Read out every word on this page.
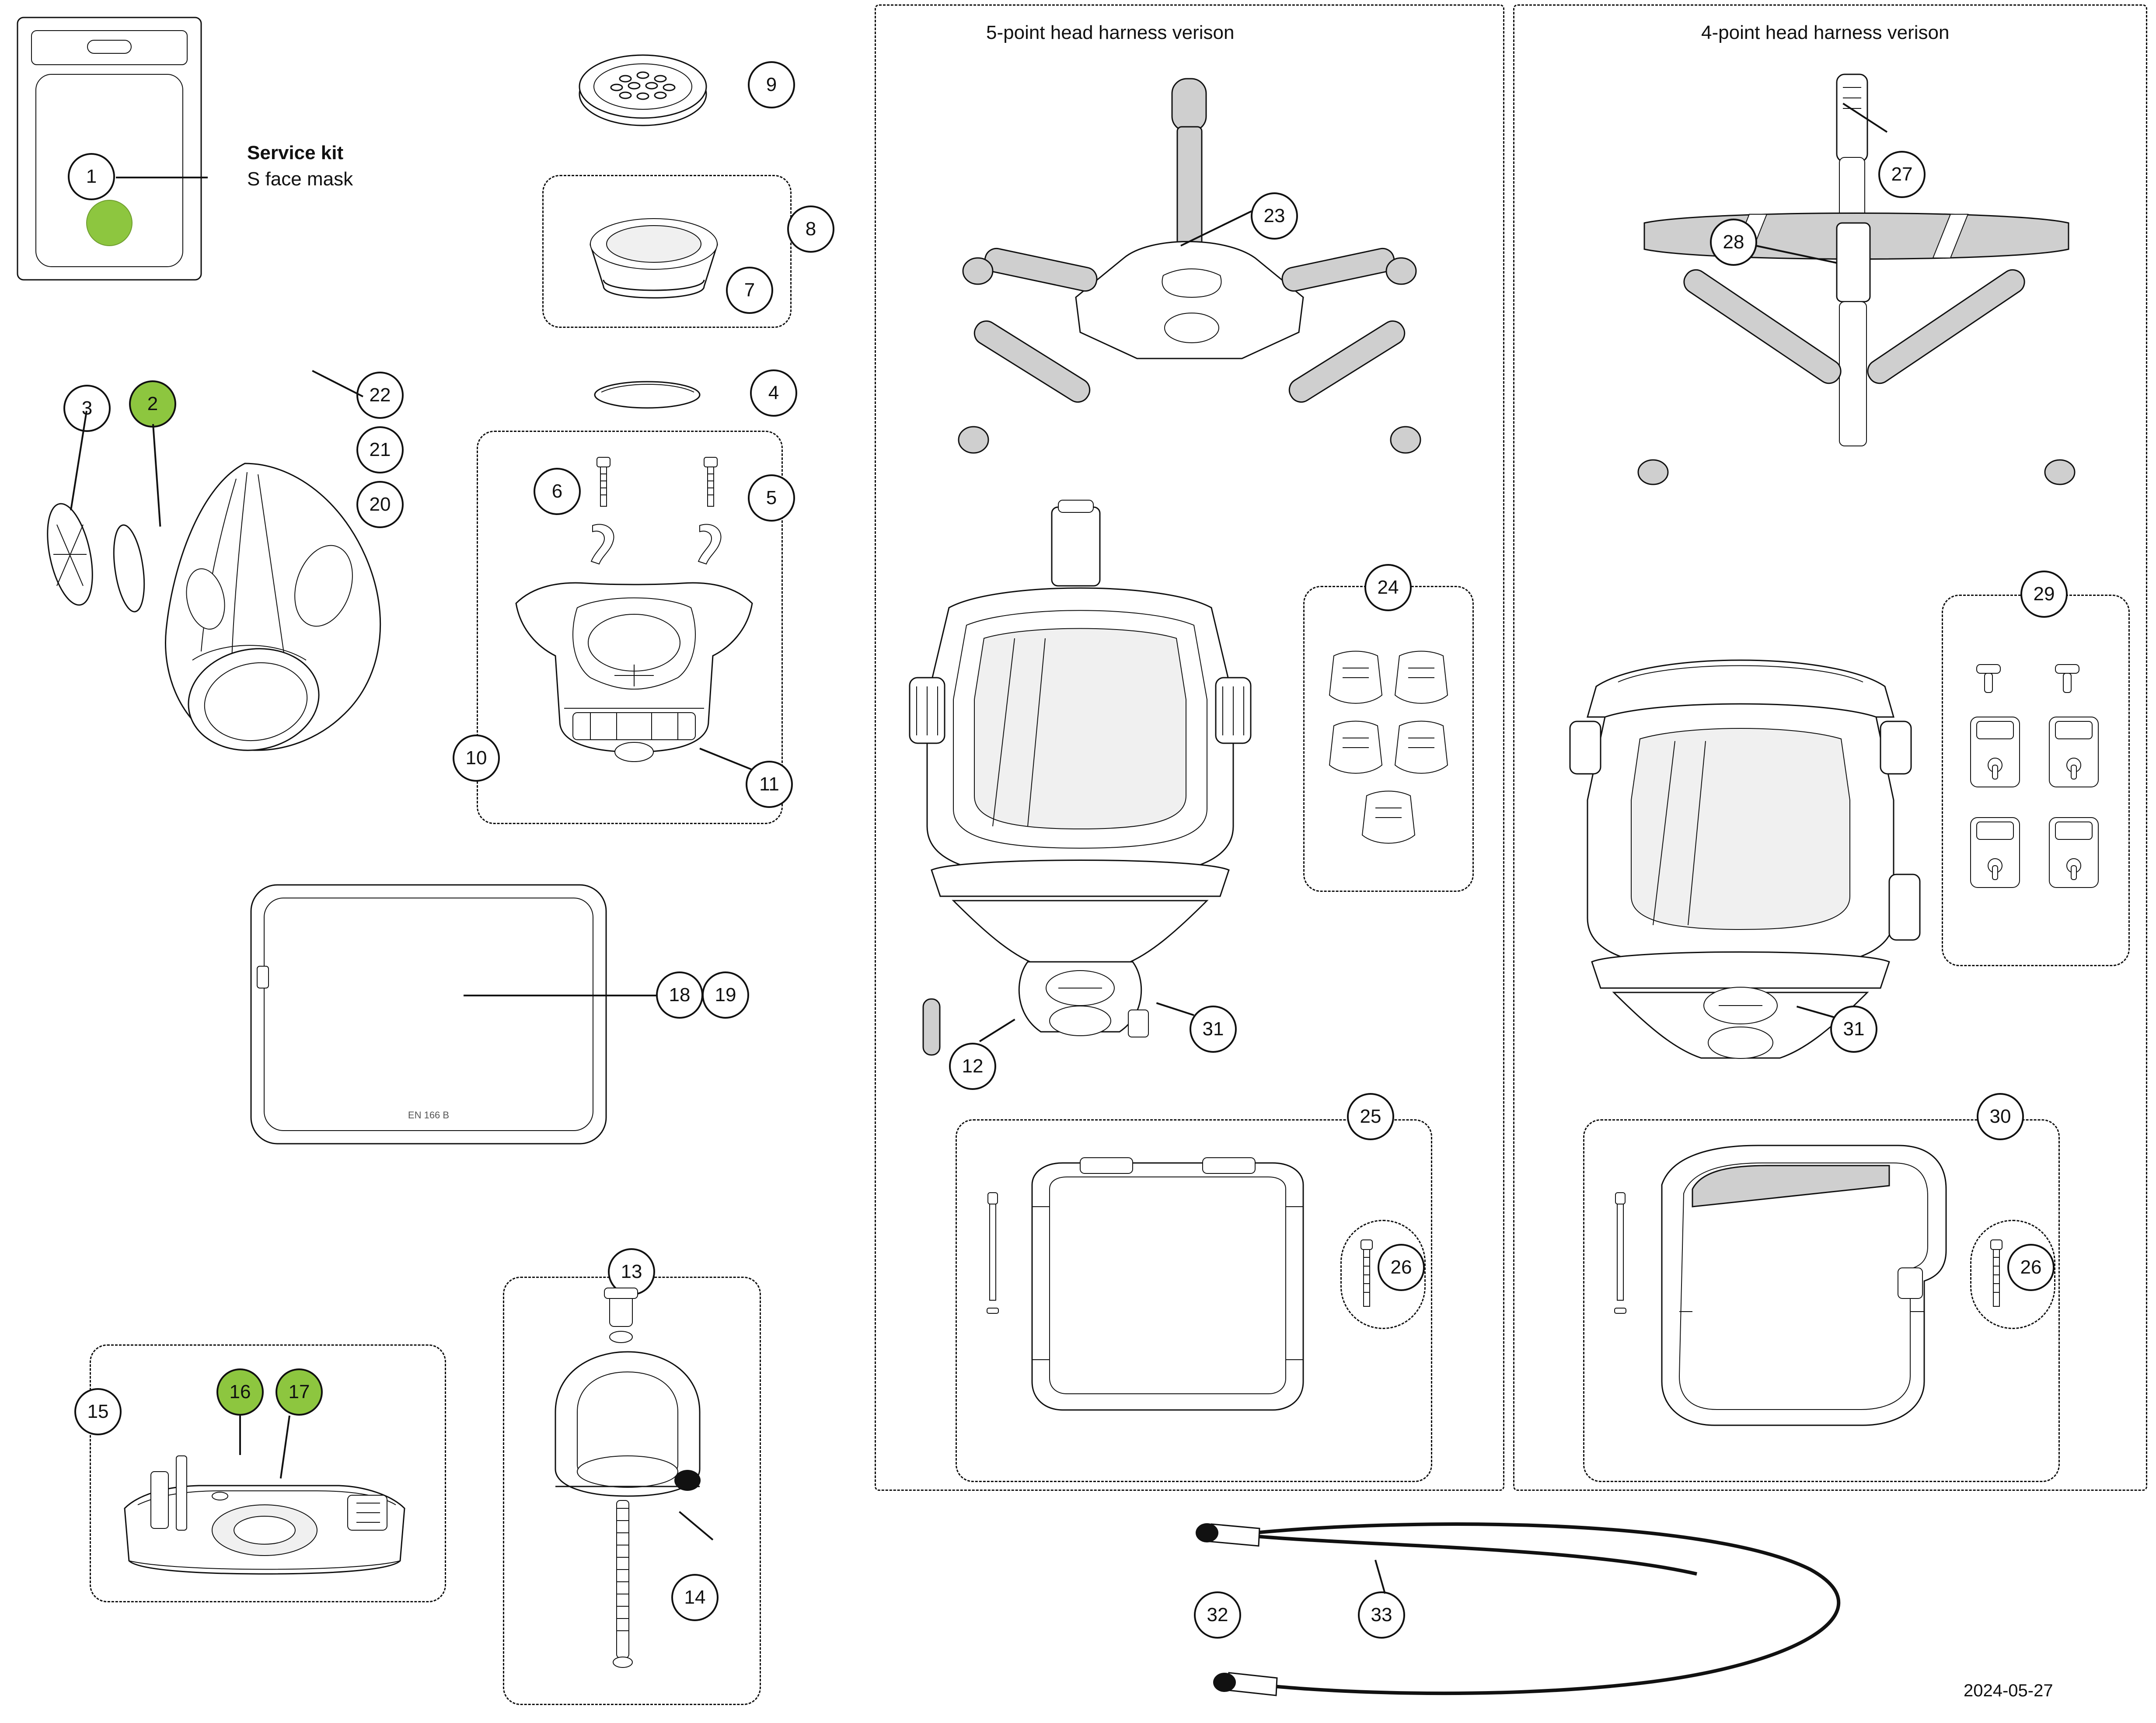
1
Service kit
S face mask
9
8
7
4
3	2	22
21
20
10
11
6	5
EN 166 B
18	19
15
16	17
13
14
5-point head harness verison
23
12
31
24
25
26
4-point head harness verison
27
28
31
29
30
26
32	33
2024-05-27
